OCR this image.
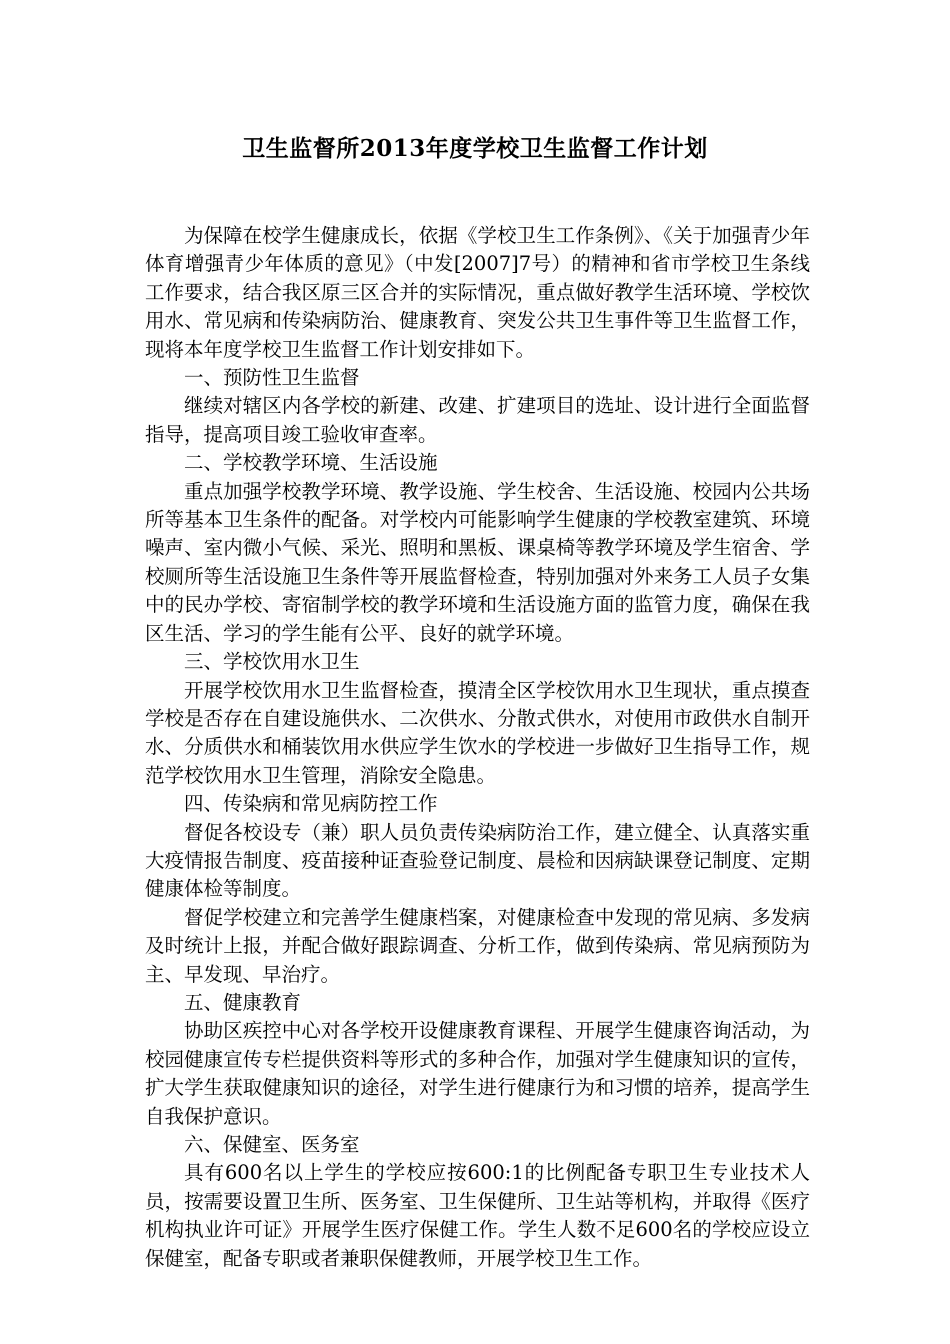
卫生监督所2013年度学校卫生监督工作计划

为保障在校学生健康成长，依据《学校卫生工作条例》、《关于加强青少年体育增强青少年体质的意见》（中发[2007]7号）的精神和省市学校卫生条线工作要求，结合我区原三区合并的实际情况，重点做好教学生活环境、学校饮用水、常见病和传染病防治、健康教育、突发公共卫生事件等卫生监督工作，现将本年度学校卫生监督工作计划安排如下。

一、预防性卫生监督

继续对辖区内各学校的新建、改建、扩建项目的选址、设计进行全面监督指导，提高项目竣工验收审查率。

二、学校教学环境、生活设施

重点加强学校教学环境、教学设施、学生校舍、生活设施、校园内公共场所等基本卫生条件的配备。对学校内可能影响学生健康的学校教室建筑、环境噪声、室内微小气候、采光、照明和黑板、课桌椅等教学环境及学生宿舍、学校厕所等生活设施卫生条件等开展监督检查，特别加强对外来务工人员子女集中的民办学校、寄宿制学校的教学环境和生活设施方面的监管力度，确保在我区生活、学习的学生能有公平、良好的就学环境。

三、学校饮用水卫生

开展学校饮用水卫生监督检查，摸清全区学校饮用水卫生现状，重点摸查学校是否存在自建设施供水、二次供水、分散式供水，对使用市政供水自制开水、分质供水和桶装饮用水供应学生饮水的学校进一步做好卫生指导工作，规范学校饮用水卫生管理，消除安全隐患。

四、传染病和常见病防控工作

督促各校设专（兼）职人员负责传染病防治工作，建立健全、认真落实重大疫情报告制度、疫苗接种证查验登记制度、晨检和因病缺课登记制度、定期健康体检等制度。

督促学校建立和完善学生健康档案，对健康检查中发现的常见病、多发病及时统计上报，并配合做好跟踪调查、分析工作，做到传染病、常见病预防为主、早发现、早治疗。

五、健康教育

协助区疾控中心对各学校开设健康教育课程、开展学生健康咨询活动，为校园健康宣传专栏提供资料等形式的多种合作，加强对学生健康知识的宣传，扩大学生获取健康知识的途径，对学生进行健康行为和习惯的培养，提高学生自我保护意识。

六、保健室、医务室

具有600名以上学生的学校应按600:1的比例配备专职卫生专业技术人员，按需要设置卫生所、医务室、卫生保健所、卫生站等机构，并取得《医疗机构执业许可证》开展学生医疗保健工作。学生人数不足600名的学校应设立保健室，配备专职或者兼职保健教师，开展学校卫生工作。
